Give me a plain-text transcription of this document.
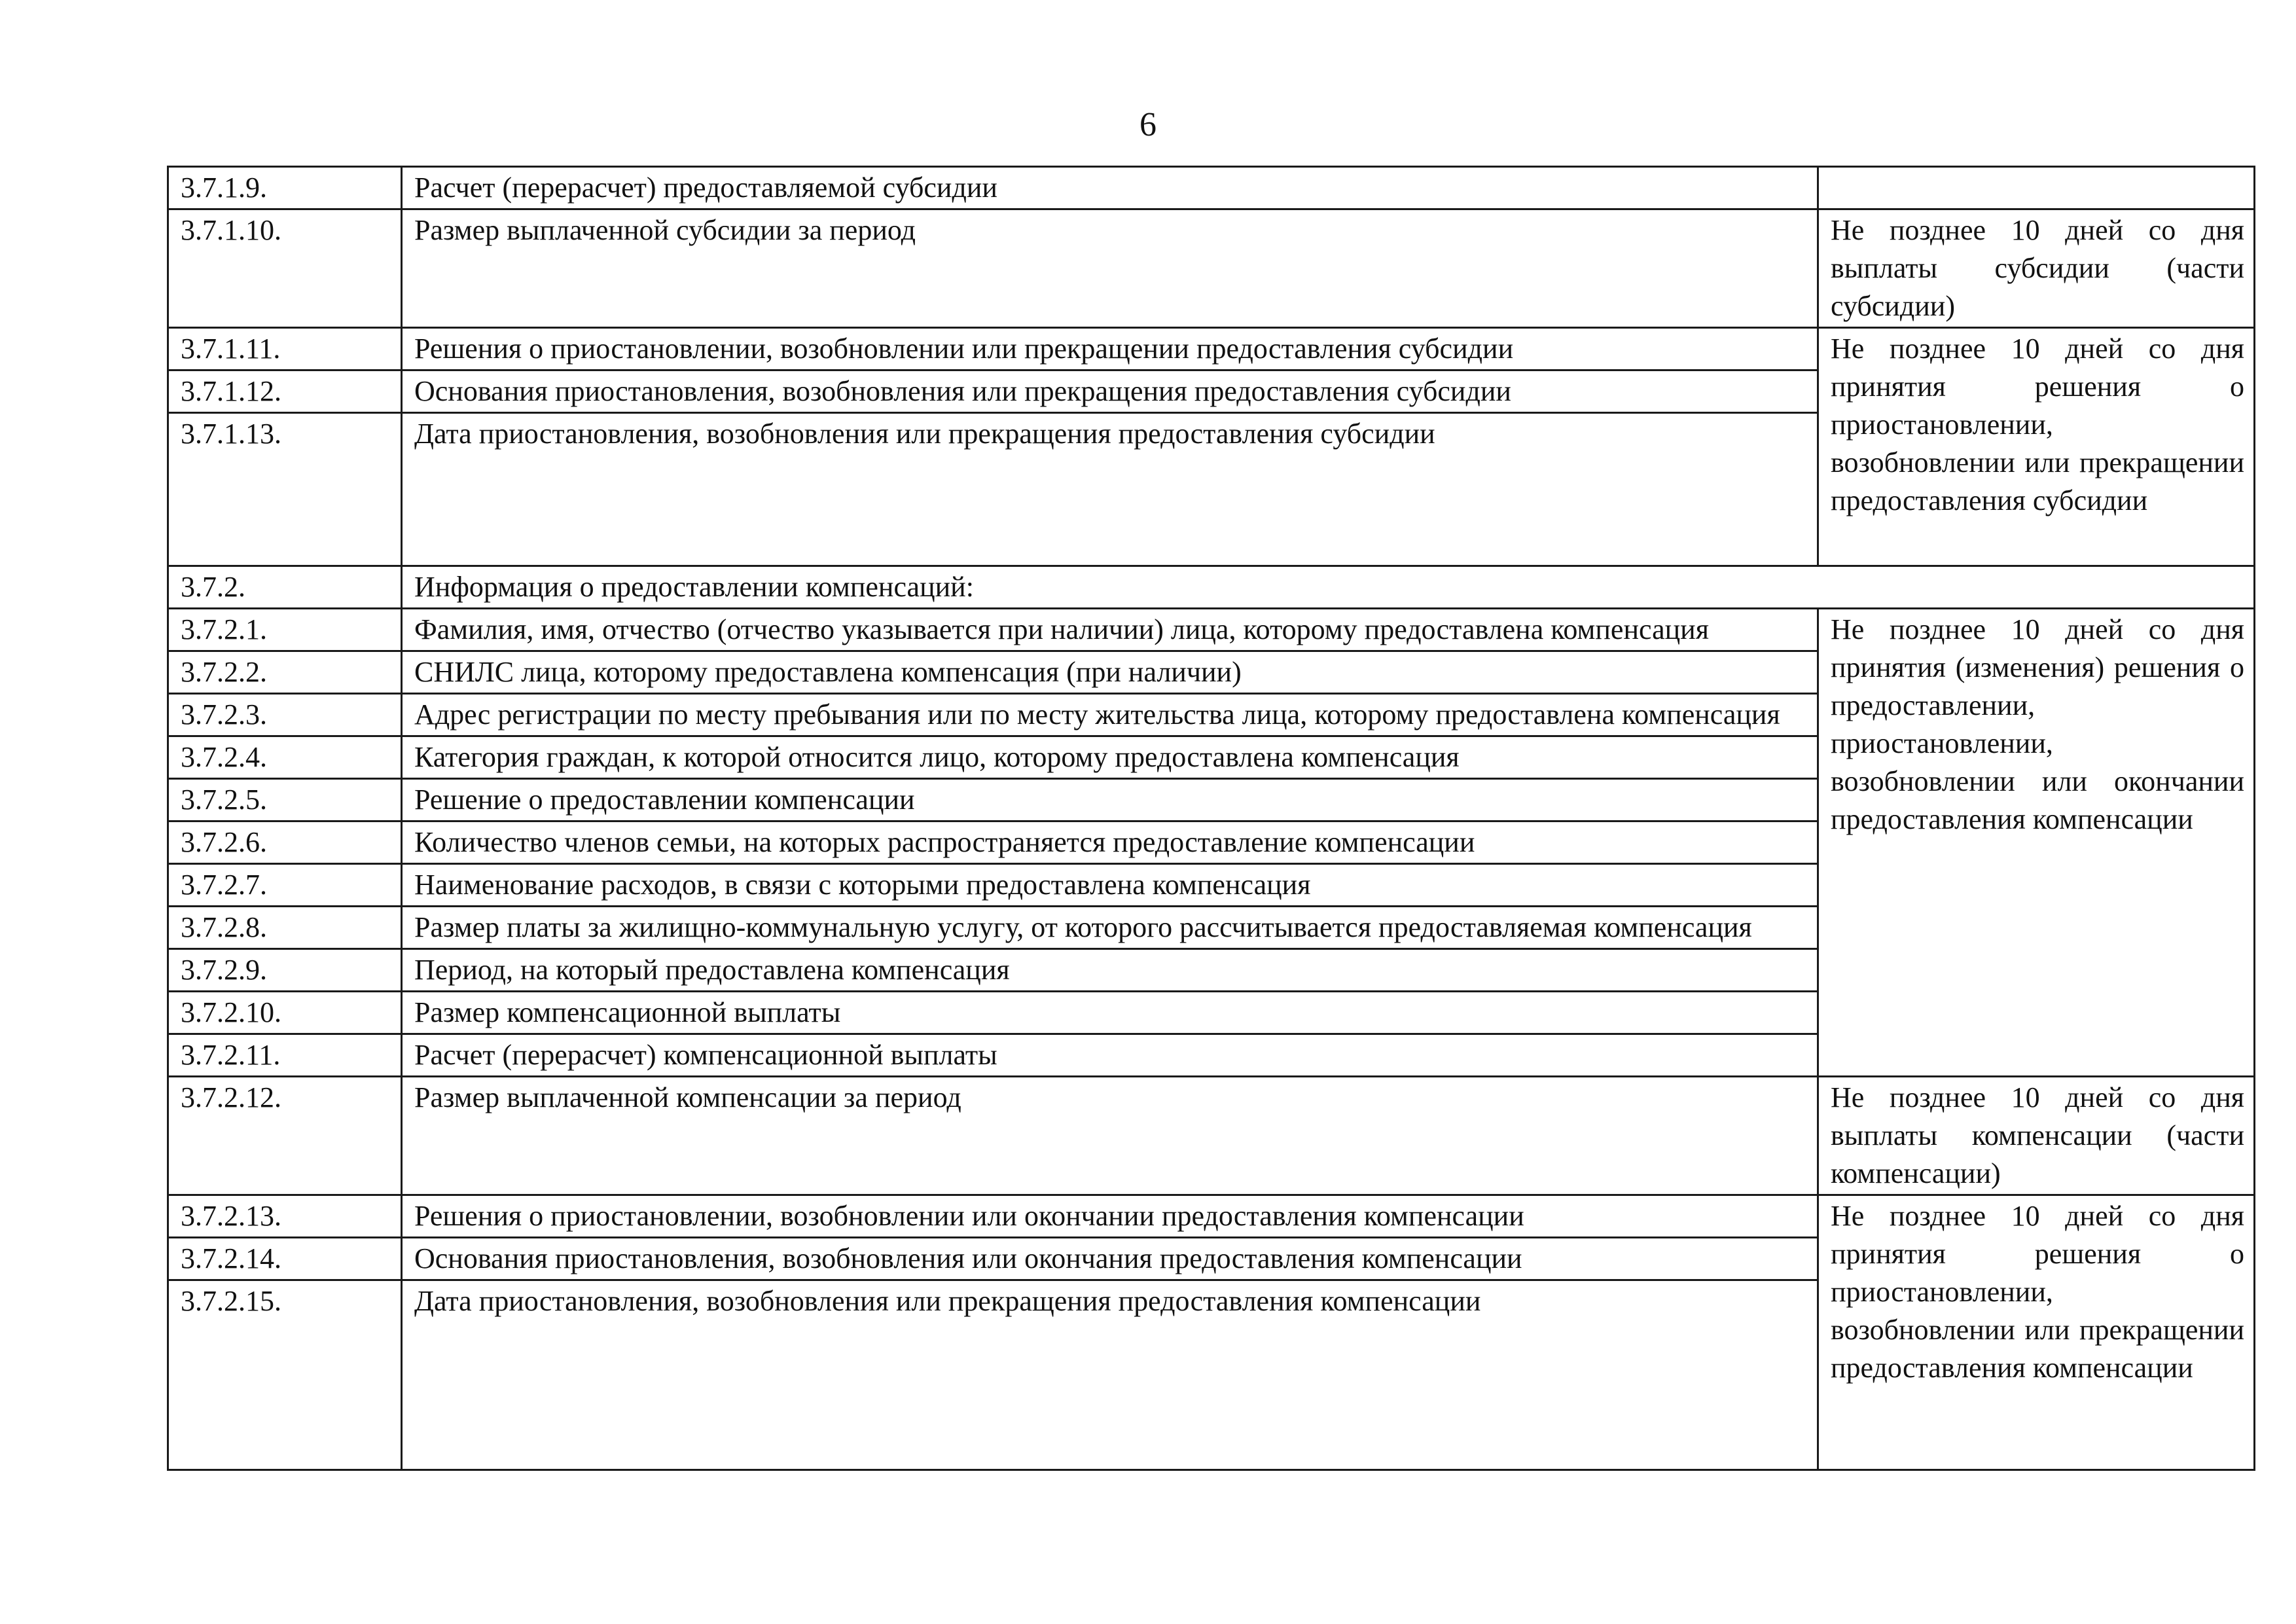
6
3.7.1.9.	Расчет (перерасчет) предоставляемой субсидии	
3.7.1.10.	Размер выплаченной субсидии за период	Не позднее 10 дней со дня выплаты субсидии (части субсидии)
3.7.1.11.	Решения о приостановлении, возобновлении или прекращении предоставления субсидии	Не позднее 10 дней со дня принятия решения о приостановлении, возобновлении или прекращении предоставления субсидии
3.7.1.12.	Основания приостановления, возобновления или прекращения предоставления субсидии	
3.7.1.13.	Дата приостановления, возобновления или прекращения предоставления субсидии	
3.7.2.	Информация о предоставлении компенсаций:	
3.7.2.1.	Фамилия, имя, отчество (отчество указывается при наличии) лица, которому предоставлена компенсация	Не позднее 10 дней со дня принятия (изменения) решения о предоставлении, приостановлении, возобновлении или окончании предоставления компенсации
3.7.2.2.	СНИЛС лица, которому предоставлена компенсация (при наличии)	
3.7.2.3.	Адрес регистрации по месту пребывания или по месту жительства лица, которому предоставлена компенсация	
3.7.2.4.	Категория граждан, к которой относится лицо, которому предоставлена компенсация	
3.7.2.5.	Решение о предоставлении компенсации	
3.7.2.6.	Количество членов семьи, на которых распространяется предоставление компенсации	
3.7.2.7.	Наименование расходов, в связи с которыми предоставлена компенсация	
3.7.2.8.	Размер платы за жилищно-коммунальную услугу, от которого рассчитывается предоставляемая компенсация	
3.7.2.9.	Период, на который предоставлена компенсация	
3.7.2.10.	Размер компенсационной выплаты	
3.7.2.11.	Расчет (перерасчет) компенсационной выплаты	
3.7.2.12.	Размер выплаченной компенсации за период	Не позднее 10 дней со дня выплаты компенсации (части компенсации)
3.7.2.13.	Решения о приостановлении, возобновлении или окончании предоставления компенсации	Не позднее 10 дней со дня принятия решения о приостановлении, возобновлении или прекращении предоставления компенсации
3.7.2.14.	Основания приостановления, возобновления или окончания предоставления компенсации	
3.7.2.15.	Дата приостановления, возобновления или прекращения предоставления компенсации	
